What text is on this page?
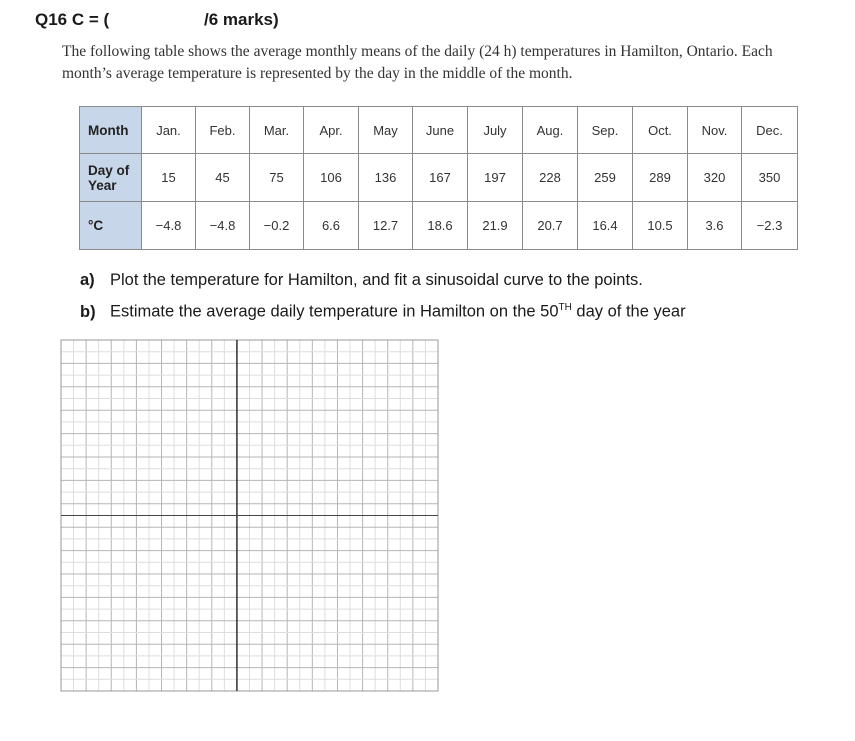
Q16 C = (	/6 marks)

The following table shows the average monthly means of the daily (24 h) temperatures in Hamilton, Ontario. Each

month’s average temperature is represented by the day in the middle of the month.

Month	Jan.	Feb.	Mar.	Apr.	May	June	July	Aug.	Sep.	Oct.	Nov.	Dec.
Day of Year	15	45	75	106	136	167	197	228	259	289	320	350
°C	−4.8	−4.8	−0.2	6.6	12.7	18.6	21.9	20.7	16.4	10.5	3.6	−2.3
a) Plot the temperature for Hamilton, and fit a sinusoidal curve to the points.
b) Estimate the average daily temperature in Hamilton on the 50TH day of the year
